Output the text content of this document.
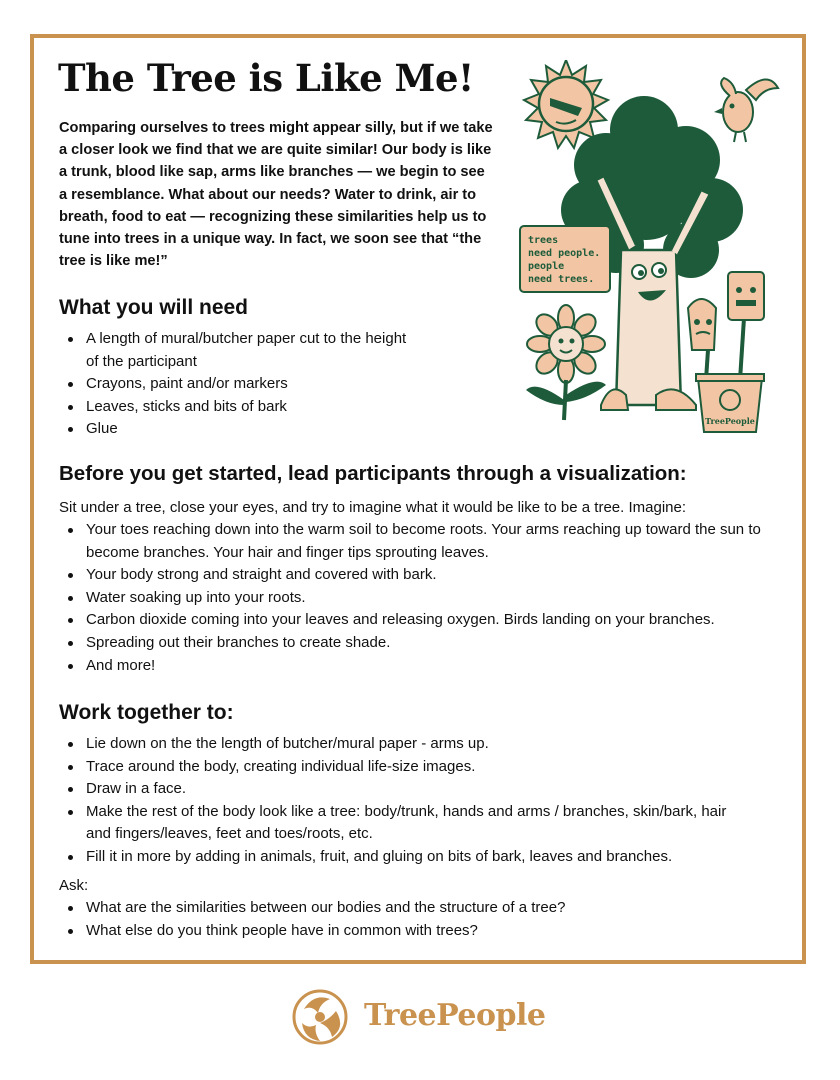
The Tree is Like Me!

Comparing ourselves to trees might appear silly, but if we take a closer look we find that we are quite similar! Our body is like a trunk, blood like sap, arms like branches — we begin to see a resemblance. What about our needs? Water to drink, air to breath, food to eat — recognizing these similarities help us to tune into trees in a unique way. In fact, we soon see that “the tree is like me!”

trees
need people.
people
need trees.
TreePeople
What you will need
A length of mural/butcher paper cut to the height of the participant
Crayons, paint and/or markers
Leaves, sticks and bits of bark
Glue
Before you get started, lead participants through a visualization:

Sit under a tree, close your eyes, and try to imagine what it would be like to be a tree. Imagine:

Your toes reaching down into the warm soil to become roots. Your arms reaching up toward the sun to become branches. Your hair and finger tips sprouting leaves.
Your body strong and straight and covered with bark.
Water soaking up into your roots.
Carbon dioxide coming into your leaves and releasing oxygen. Birds landing on your branches.
Spreading out their branches to create shade.
And more!
Work together to:
Lie down on the the length of butcher/mural paper - arms up.
Trace around the body, creating individual life-size images.
Draw in a face.
Make the rest of the body look like a tree: body/trunk, hands and arms / branches, skin/bark, hair and fingers/leaves, feet and toes/roots, etc.
Fill it in more by adding in animals, fruit, and gluing on bits of bark, leaves and branches.

Ask:

What are the similarities between our bodies and the structure of a tree?
What else do you think people have in common with trees?
TreePeople
